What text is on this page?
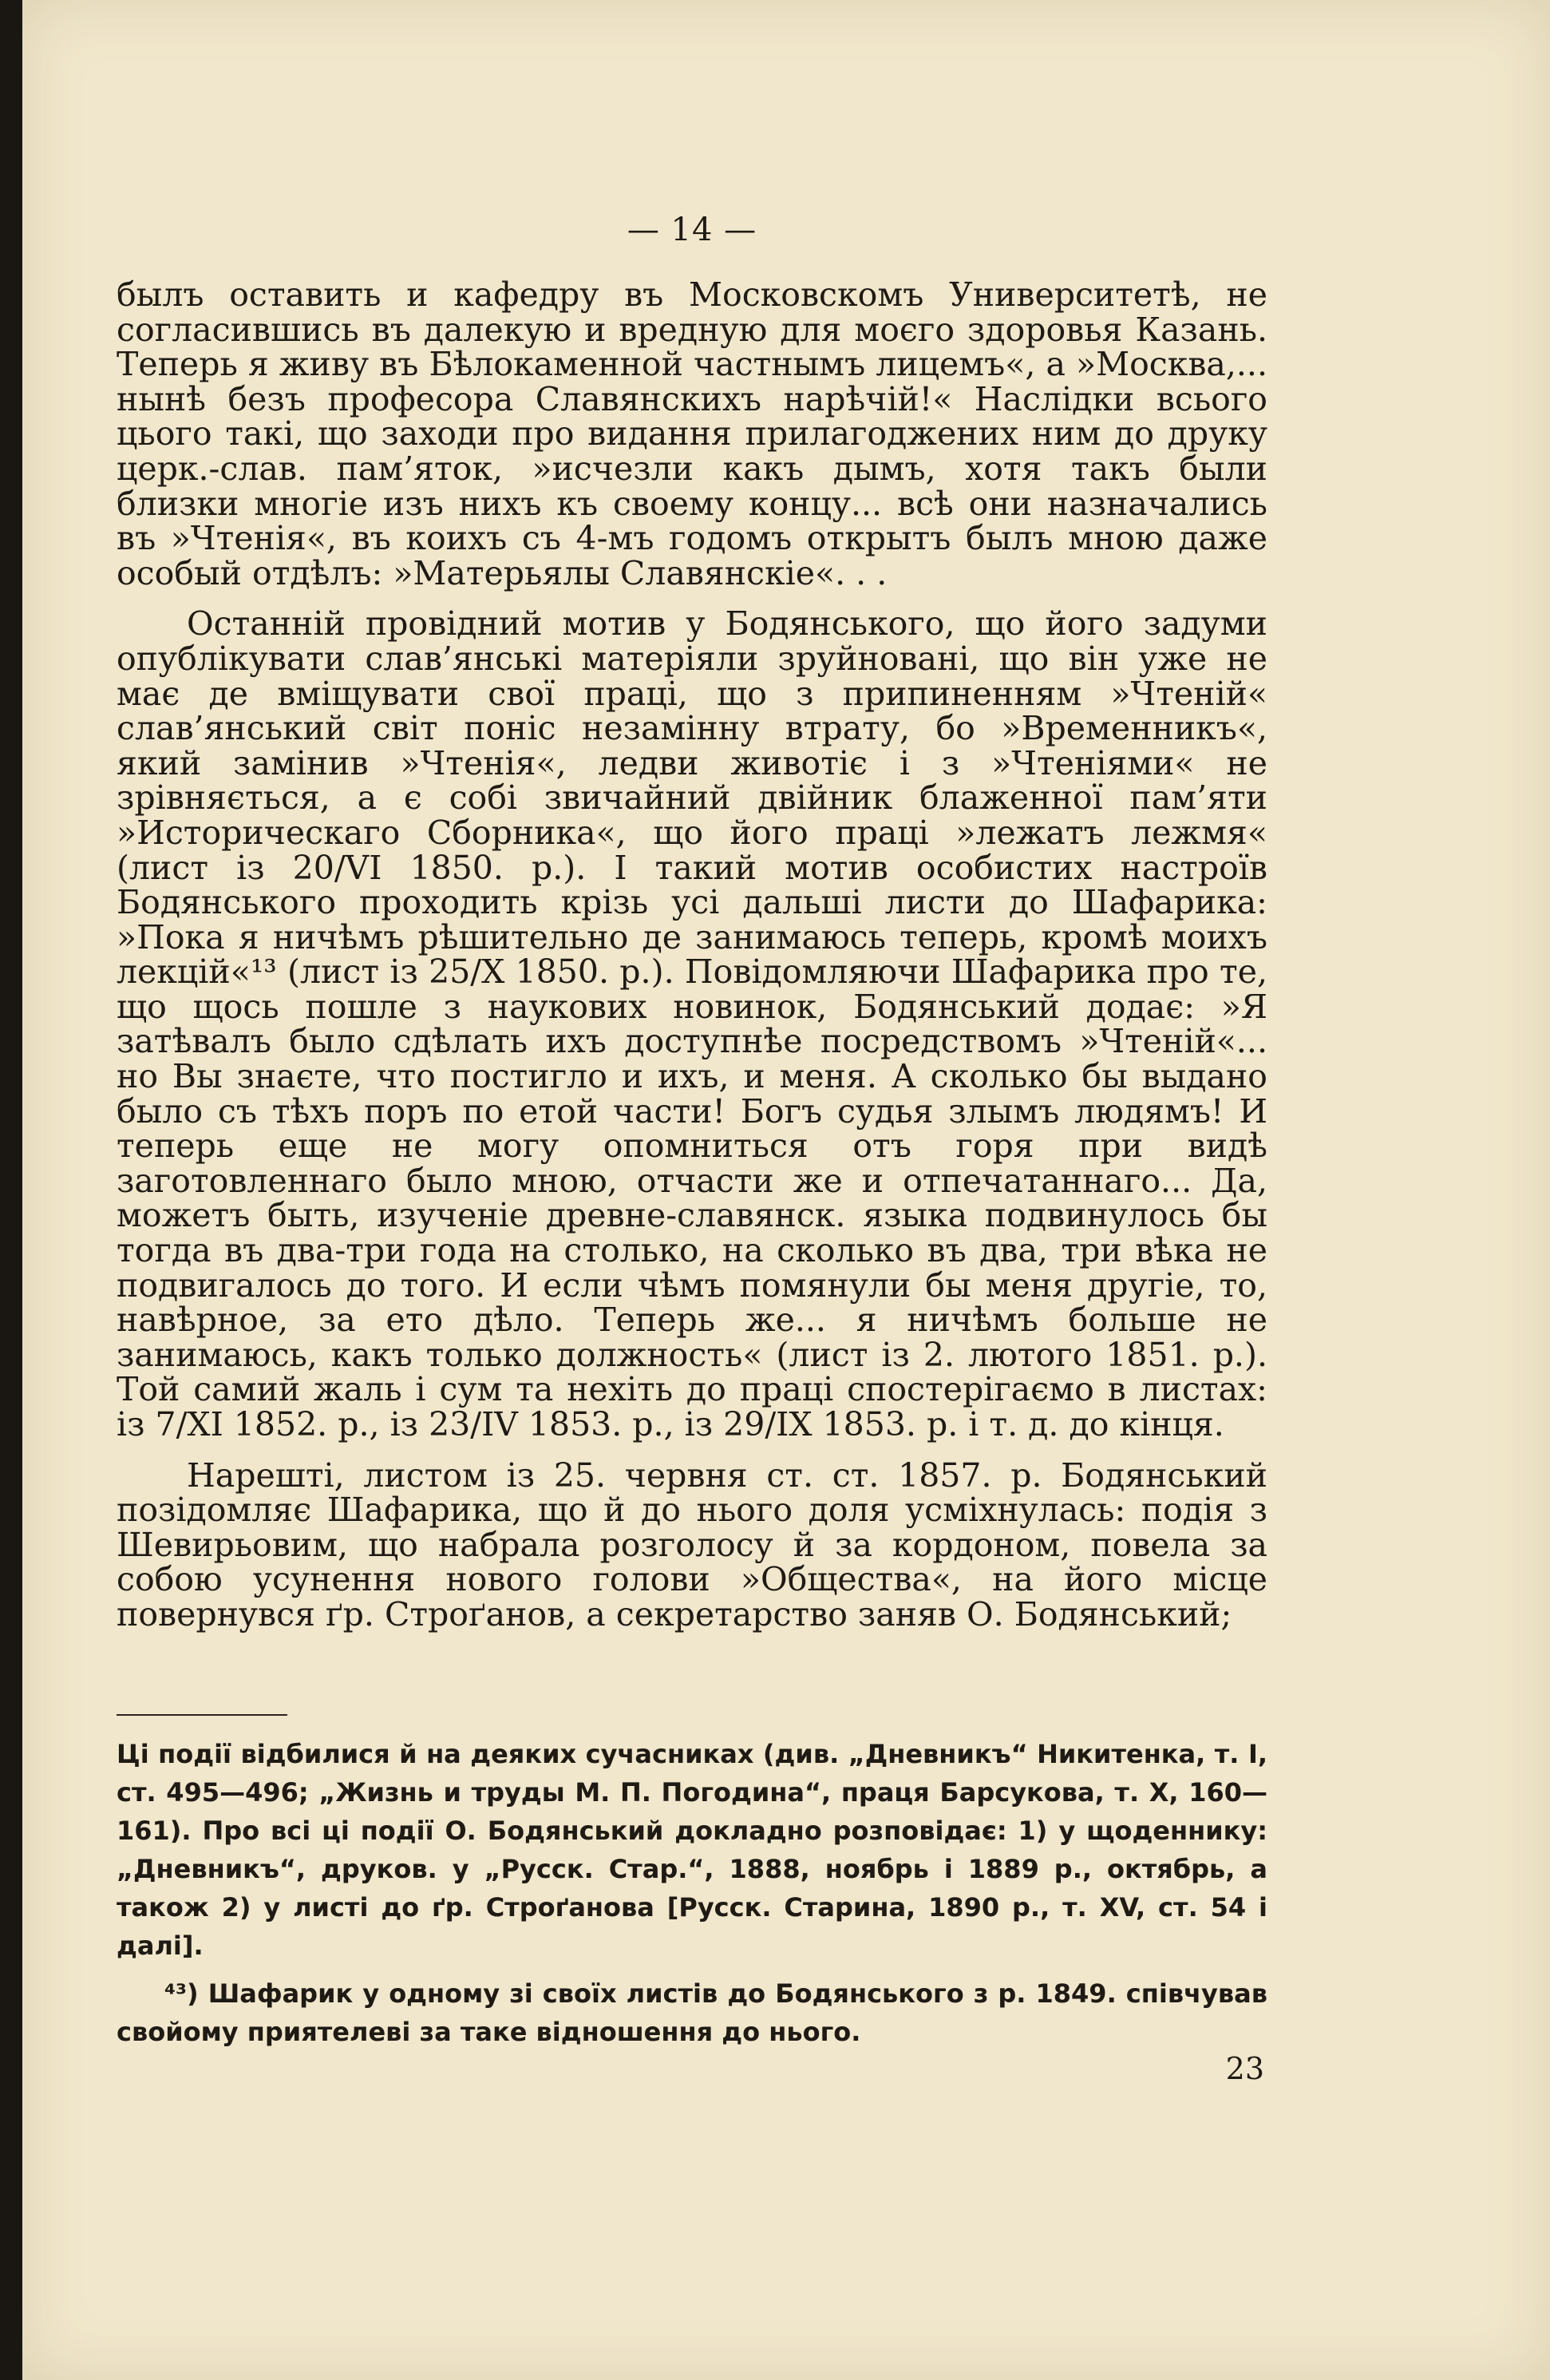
— 14 —

былъ оставить и кафедру въ Московскомъ Университетѣ, не согласившись въ далекую и вредную для моєго здоровья Казань. Теперь я живу въ Бѣлокаменной частнымъ лицемъ«, а »Москва,... нынѣ безъ професора Славянскихъ нарѣчій!« Наслідки всього цього такі, що заходи про видання прилагоджених ним до друку церк.-слав. пам’яток, »исчезли какъ дымъ, хотя такъ были близки многіе изъ нихъ къ своему концу... всѣ они назначались въ »Чтенія«, въ коихъ съ 4-мъ годомъ открытъ былъ мною даже особый отдѣлъ: »Матерьялы Славянскіе«. . .

Останній провідний мотив у Бодянського, що його задуми опублікувати слав’янські матеріяли зруйновані, що він уже не має де вміщувати свої праці, що з припиненням »Чтеній« слав’янський світ поніс незамінну втрату, бо »Временникъ«, який замінив »Чтенія«, ледви животіє і з »Чтеніями« не зрівняється, а є собі звичайний двійник блаженної пам’яти »Историческаго Сборника«, що його праці »лежатъ лежмя« (лист із 20/VI 1850. р.). І такий мотив особистих настроїв Бодянського проходить крізь усі дальші листи до Шафарика: »Пока я ничѣмъ рѣшительно де занимаюсь теперь, кромѣ моихъ лекцій«¹³ (лист із 25/X 1850. р.). Повідомляючи Шафарика про те, що щось пошле з наукових новинок, Бодянський додає: »Я затѣвалъ было сдѣлать ихъ доступнѣе посредствомъ »Чтеній«... но Вы знаєте, что постигло и ихъ, и меня. А сколько бы выдано было съ тѣхъ поръ по етой части! Богъ судья злымъ людямъ! И теперь еще не могу опомниться отъ горя при видѣ заготовленнаго было мною, отчасти же и отпечатаннаго... Да, можетъ быть, изученіе древне-славянск. языка подвинулось бы тогда въ два-три года на столько, на сколько въ два, три вѣка не подвигалось до того. И если чѣмъ помянули бы меня другіе, то, навѣрное, за ето дѣло. Теперь же... я ничѣмъ больше не занимаюсь, какъ только должность« (лист із 2. лютого 1851. р.). Той самий жаль і сум та нехіть до праці спостерігаємо в листах: із 7/XI 1852. р., із 23/IV 1853. р., із 29/IX 1853. р. і т. д. до кінця.

Нарешті, листом із 25. червня ст. ст. 1857. р. Бодянський позідомляє Шафарика, що й до нього доля усміхнулась: подія з Шевирьовим, що набрала розголосу й за кордоном, повела за собою усунення нового голови »Общества«, на його місце повернувся ґр. Строґанов, а секретарство заняв О. Бодянський;

Ці події відбилися й на деяких сучасниках (див. „Дневникъ“ Никитенка, т. І, ст. 495—496; „Жизнь и труды М. П. Погодина“, праця Барсукова, т. X, 160—161). Про всі ці події О. Бодянський докладно розповідає: 1) у щоденнику: „Дневникъ“, друков. у „Русск. Стар.“, 1888, ноябрь і 1889 р., октябрь, а також 2) у листі до ґр. Строґанова [Русск. Старина, 1890 р., т. XV, ст. 54 і далі].

⁴³) Шафарик у одному зі своїх листів до Бодянського з р. 1849. співчував свойому приятелеві за таке відношення до нього.

23
